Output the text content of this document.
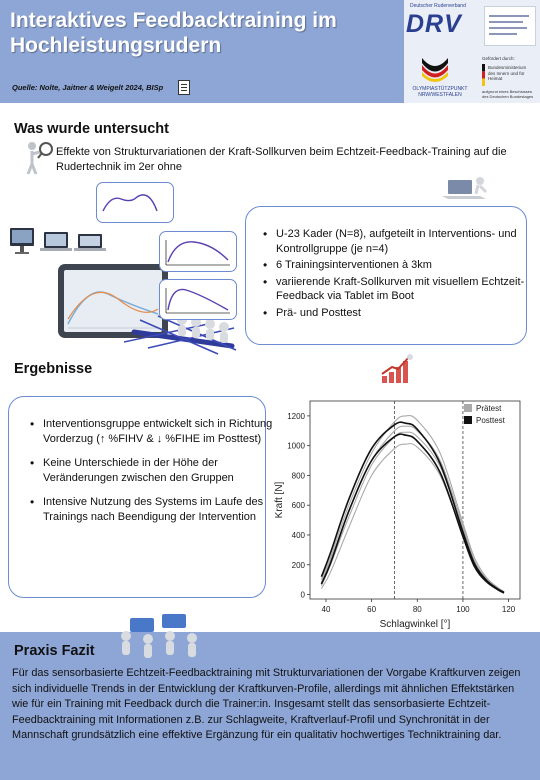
Interaktives Feedbacktraining im Hochleistungsrudern
Quelle: Nolte, Jaitner & Weigelt 2024, BISp
Deutscher Ruderverband
DRV
OLYMPIASTÜTZPUNKT
NRW/WESTFALEN
Gefördert durch:
Bundesministerium des Innern und für Heimat
aufgrund eines Beschlusses des Deutschen Bundestages
Was wurde untersucht
Effekte von Strukturvariationen der Kraft-Sollkurven beim Echtzeit-Feedback-Training auf die Rudertechnik im 2er ohne
• U-23 Kader (N=8), aufgeteilt in Interventions- und Kontrollgruppe (je n=4)
• 6 Trainingsinterventionen à 3km
• variierende Kraft-Sollkurven mit visuellem Echtzeit-Feedback via Tablet im Boot
• Prä- und Posttest
Ergebnisse
• Interventionsgruppe entwickelt sich in Richtung Vorderzug (↑ %FIHV & ↓ %FIHE im Posttest)
• Keine Unterschiede in der Höhe der Veränderungen zwischen den Gruppen
• Intensive Nutzung des Systems im Laufe des Trainings nach Beendigung der Intervention
40	60	80	100	120
0
200
400
600
800
1000
1200
Schlagwinkel [°]
Kraft [N]
Prätest
Posttest
Praxis Fazit
Für das sensorbasierte Echtzeit-Feedbacktraining mit Strukturvariationen der Vorgabe Kraftkurven zeigen sich individuelle Trends in der Entwicklung der Kraftkurven-Profile, allerdings mit ähnlichen Effektstärken wie für ein Training mit Feedback durch die Trainer:in. Insgesamt stellt das sensorbasierte Echtzeit-Feedbacktraining mit Informationen z.B. zur Schlagweite, Kraftverlauf-Profil und Synchronität in der Mannschaft grundsätzlich eine effektive Ergänzung für ein qualitativ hochwertiges Techniktraining dar.
